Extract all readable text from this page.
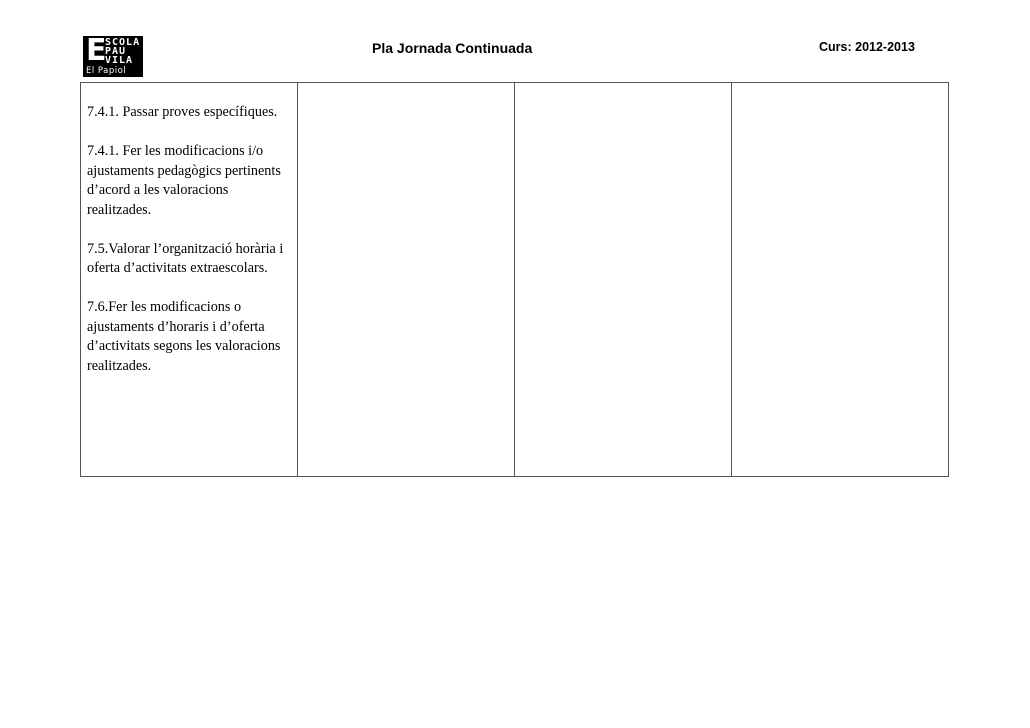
E
SCOLA
PAU
VILA
El Papiol
Pla Jornada Continuada	Curs: 2012-2013

7.4.1. Passar proves específiques.

7.4.1. Fer les modificacions i/o ajustaments pedagògics pertinents d’acord a les valoracions realitzades.

7.5.Valorar l’organització horària i oferta d’activitats extraescolars.

7.6.Fer les modificacions o ajustaments d’horaris i d’oferta d’activitats segons les valoracions realitzades.
